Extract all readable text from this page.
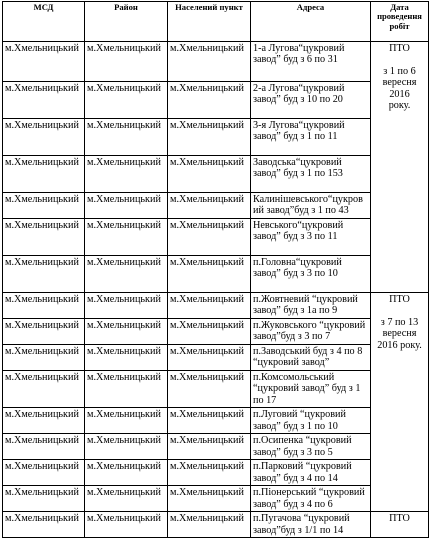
МСД	Район	Населений пункт	Адреса	Дата проведення робіт
м.Хмельницький	м.Хмельницький	м.Хмельницький	1-а Лугова“цукровий завод” буд з 6 по 31	ПТО
з 1 по 6
вересня 2016
року.

м.Хмельницький	м.Хмельницький	м.Хмельницький	2-а Лугова“цукровий завод” буд з 10 по 20	
м.Хмельницький	м.Хмельницький	м.Хмельницький	3-я Лугова“цукровий завод” буд з 1 по 11	
м.Хмельницький	м.Хмельницький	м.Хмельницький	Заводська“цукровий завод” буд з 1 по 153	
м.Хмельницький	м.Хмельницький	м.Хмельницький	Калинішевського“цукровий завод”буд з 1 по 43	
м.Хмельницький	м.Хмельницький	м.Хмельницький	Невського“цукровий завод” буд з 3 по 11	
м.Хмельницький	м.Хмельницький	м.Хмельницький	п.Головна“цукровий завод” буд з 3 по 10	
м.Хмельницький	м.Хмельницький	м.Хмельницький	п.Жовтневий “цукровий завод” буд з 1а по 9	ПТО
з 7 по 13
вересня
2016 року.

м.Хмельницький	м.Хмельницький	м.Хмельницький	п.Жуковського “цукровий завод”буд з 3 по 7	
м.Хмельницький	м.Хмельницький	м.Хмельницький	п.Заводський буд з 4 по 8 “цукровий завод”	
м.Хмельницький	м.Хмельницький	м.Хмельницький	п.Комсомольський “цукровий завод” буд з 1 по 17	
м.Хмельницький	м.Хмельницький	м.Хмельницький	п.Луговий “цукровий завод” буд з 1 по 10	
м.Хмельницький	м.Хмельницький	м.Хмельницький	п.Осипенка “цукровий завод” буд з 3 по 5	
м.Хмельницький	м.Хмельницький	м.Хмельницький	п.Парковий “цукровий завод” буд з 4 по 14	
м.Хмельницький	м.Хмельницький	м.Хмельницький	п.Піонерський “цукровий завод” буд з 4 по 6	
м.Хмельницький	м.Хмельницький	м.Хмельницький	п.Пугачова “цукровий завод”буд з 1/1 по 14	ПТО
